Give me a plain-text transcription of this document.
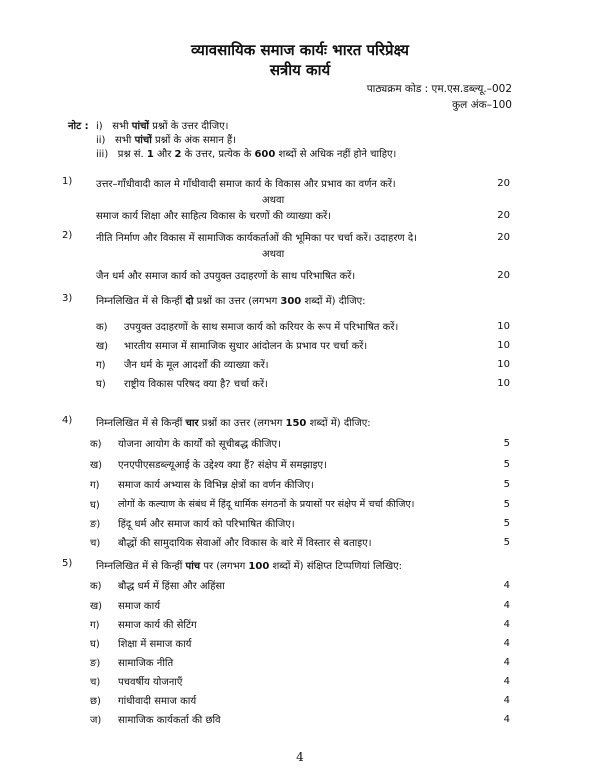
व्यावसायिक समाज कार्यः भारत परिप्रेक्ष्य
सत्रीय कार्य
पाठ्यक्रम कोड : एम.एस.डब्ल्यू.–002
कुल अंक–100
नोट : i) सभी पांचों प्रश्नों के उत्तर दीजिए।
ii) सभी पांचों प्रश्नों के अंक समान हैं।
iii) प्रश्न सं. 1 और 2 के उत्तर, प्रत्येक के 600 शब्दों से अधिक नहीं होने चाहिए।
1) उत्तर–गाँधीवादी काल मे गाँधीवादी समाज कार्य के विकास और प्रभाव का वर्णन करें।	20
अथवा
समाज कार्य शिक्षा और साहित्य विकास के चरणों की व्याख्या करें।	20
2) नीति निर्माण और विकास में सामाजिक कार्यकर्ताओं की भूमिका पर चर्चा करें। उदाहरण दे।	20
अथवा
जैन धर्म और समाज कार्य को उपयुक्त उदाहरणों के साथ परिभाषित करें।	20
3) निम्नलिखित में से किन्हीं दो प्रश्नों का उत्तर (लगभग 300 शब्दों में) दीजिए:
क) उपयुक्त उदाहरणों के साथ समाज कार्य को करियर के रूप में परिभाषित करें।	10
ख) भारतीय समाज में सामाजिक सुधार आंदोलन के प्रभाव पर चर्चा करें।	10
ग) जैन धर्म के मूल आदर्शों की व्याख्या करें।	10
घ) राष्ट्रीय विकास परिषद क्या है? चर्चा करें।	10
4) निम्नलिखित में से किन्हीं चार प्रश्नों का उत्तर (लगभग 150 शब्दों में) दीजिए:
क) योजना आयोग के कार्यों को सूचीबद्ध कीजिए।	5
ख) एनएपीएसडब्ल्यूआई के उद्देश्य क्या हैं? संक्षेप में समझाइए।	5
ग) समाज कार्य अभ्यास के विभिन्न क्षेत्रों का वर्णन कीजिए।	5
घ) लोगों के कल्याण के संबंध में हिंदू धार्मिक संगठनों के प्रयासों पर संक्षेप में चर्चा कीजिए।	5
ङ) हिंदू धर्म और समाज कार्य को परिभाषित कीजिए।	5
च) बौद्धों की सामुदायिक सेवाओं और विकास के बारे में विस्तार से बताइए।	5
5) निम्नलिखित में से किन्हीं पांच पर (लगभग 100 शब्दों में) संक्षिप्त टिप्पणियां लिखिए:
क) बौद्ध धर्म में हिंसा और अहिंसा	4
ख) समाज कार्य	4
ग) समाज कार्य की सेटिंग	4
घ) शिक्षा में समाज कार्य	4
ङ) सामाजिक नीति	4
च) पचवर्षीय योजनाएँ	4
छ) गांधीवादी समाज कार्य	4
ज) सामाजिक कार्यकर्ता की छवि	4
4
